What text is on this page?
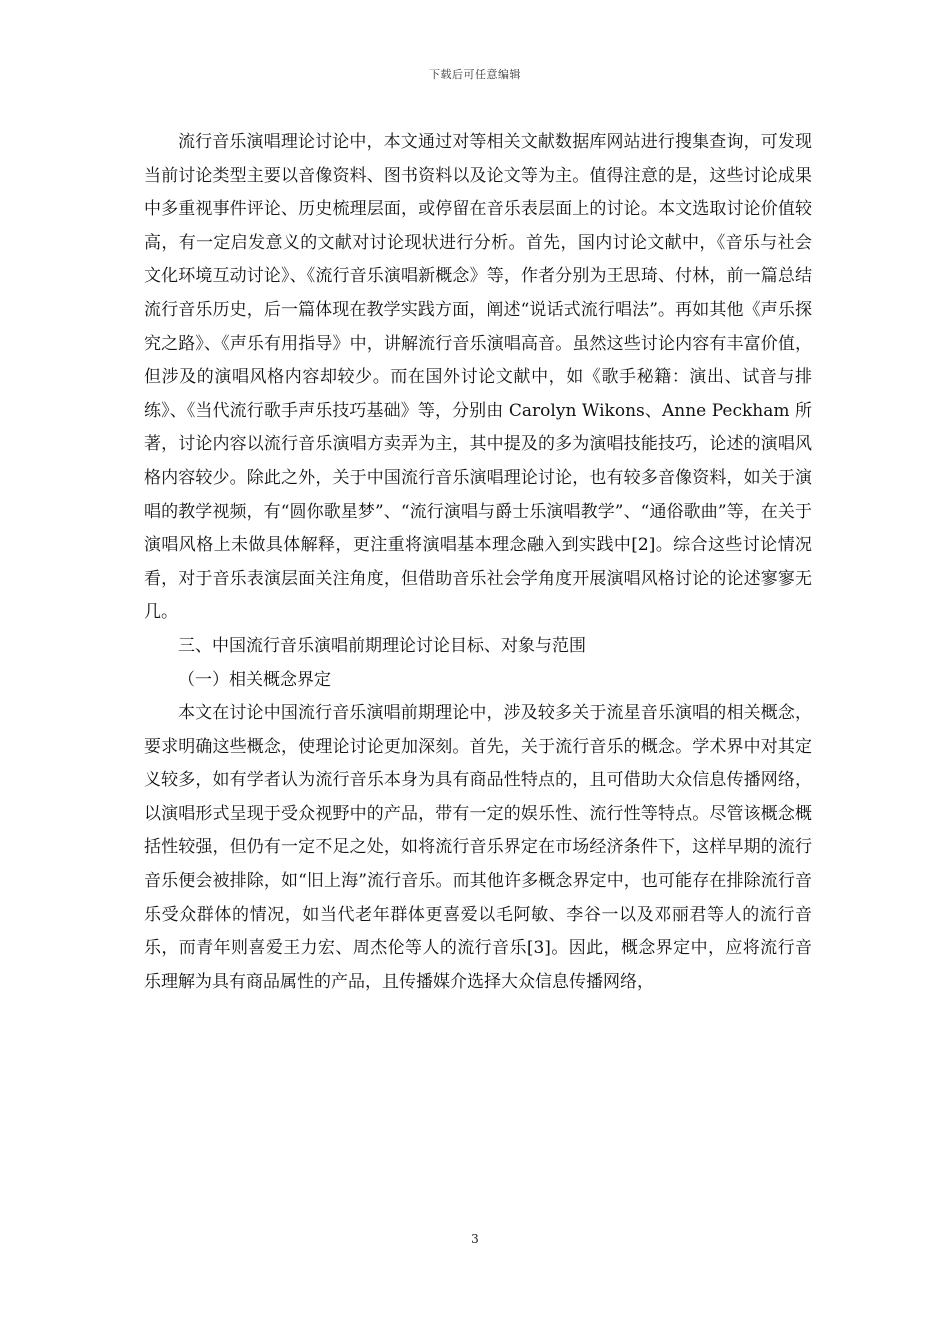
下载后可任意编辑

流行音乐演唱理论讨论中，本文通过对等相关文献数据库网站进行搜集查询，可发现当前讨论类型主要以音像资料、图书资料以及论文等为主。值得注意的是，这些讨论成果中多重视事件评论、历史梳理层面，或停留在音乐表层面上的讨论。本文选取讨论价值较高，有一定启发意义的文献对讨论现状进行分析。首先，国内讨论文献中，《音乐与社会文化环境互动讨论》、《流行音乐演唱新概念》等，作者分别为王思琦、付林，前一篇总结流行音乐历史，后一篇体现在教学实践方面，阐述“说话式流行唱法”。再如其他《声乐探究之路》、《声乐有用指导》中，讲解流行音乐演唱高音。虽然这些讨论内容有丰富价值，但涉及的演唱风格内容却较少。而在国外讨论文献中，如《歌手秘籍：演出、试音与排练》、《当代流行歌手声乐技巧基础》等，分别由 Carolyn Wikons、Anne Peckham 所著，讨论内容以流行音乐演唱方卖弄为主，其中提及的多为演唱技能技巧，论述的演唱风格内容较少。除此之外，关于中国流行音乐演唱理论讨论，也有较多音像资料，如关于演唱的教学视频，有“圆你歌星梦”、“流行演唱与爵士乐演唱教学”、“通俗歌曲”等，在关于演唱风格上未做具体解释，更注重将演唱基本理念融入到实践中[2]。综合这些讨论情况看，对于音乐表演层面关注角度，但借助音乐社会学角度开展演唱风格讨论的论述寥寥无几。

三、中国流行音乐演唱前期理论讨论目标、对象与范围

（一）相关概念界定

本文在讨论中国流行音乐演唱前期理论中，涉及较多关于流星音乐演唱的相关概念，要求明确这些概念，使理论讨论更加深刻。首先，关于流行音乐的概念。学术界中对其定义较多，如有学者认为流行音乐本身为具有商品性特点的，且可借助大众信息传播网络，以演唱形式呈现于受众视野中的产品，带有一定的娱乐性、流行性等特点。尽管该概念概括性较强，但仍有一定不足之处，如将流行音乐界定在市场经济条件下，这样早期的流行音乐便会被排除，如“旧上海”流行音乐。而其他许多概念界定中，也可能存在排除流行音乐受众群体的情况，如当代老年群体更喜爱以毛阿敏、李谷一以及邓丽君等人的流行音乐，而青年则喜爱王力宏、周杰伦等人的流行音乐[3]。因此，概念界定中，应将流行音乐理解为具有商品属性的产品，且传播媒介选择大众信息传播网络，

3
